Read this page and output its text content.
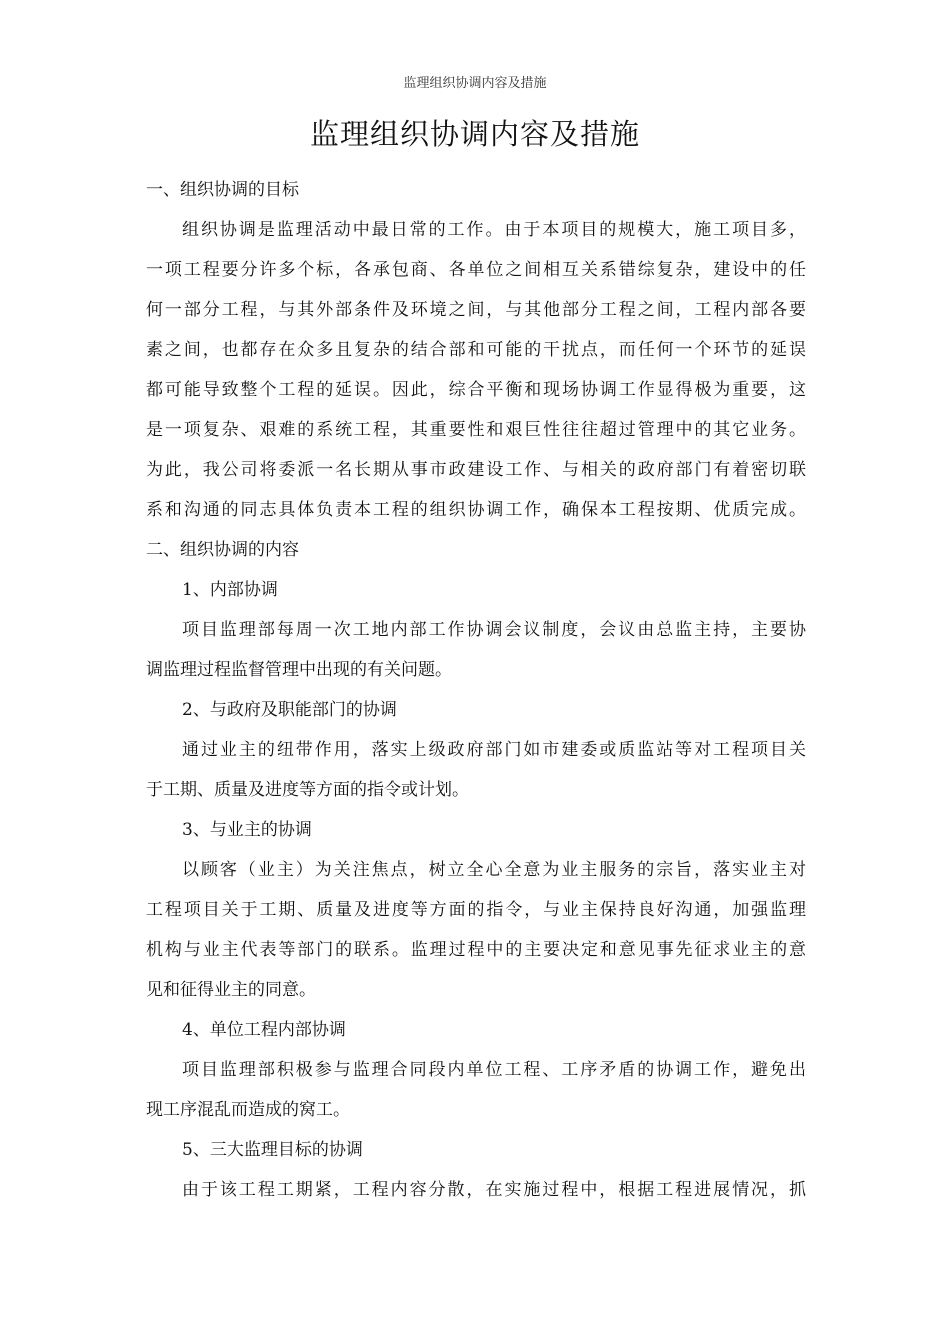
监理组织协调内容及措施
监理组织协调内容及措施
一、组织协调的目标
组织协调是监理活动中最日常的工作。由于本项目的规模大，施工项目多，
一项工程要分许多个标，各承包商、各单位之间相互关系错综复杂，建设中的任
何一部分工程，与其外部条件及环境之间，与其他部分工程之间，工程内部各要
素之间，也都存在众多且复杂的结合部和可能的干扰点，而任何一个环节的延误
都可能导致整个工程的延误。因此，综合平衡和现场协调工作显得极为重要，这
是一项复杂、艰难的系统工程，其重要性和艰巨性往往超过管理中的其它业务。
为此，我公司将委派一名长期从事市政建设工作、与相关的政府部门有着密切联
系和沟通的同志具体负责本工程的组织协调工作，确保本工程按期、优质完成。
二、组织协调的内容
1、内部协调
项目监理部每周一次工地内部工作协调会议制度，会议由总监主持，主要协
调监理过程监督管理中出现的有关问题。
2、与政府及职能部门的协调
通过业主的纽带作用，落实上级政府部门如市建委或质监站等对工程项目关
于工期、质量及进度等方面的指令或计划。
3、与业主的协调
以顾客（业主）为关注焦点，树立全心全意为业主服务的宗旨，落实业主对
工程项目关于工期、质量及进度等方面的指令，与业主保持良好沟通，加强监理
机构与业主代表等部门的联系。监理过程中的主要决定和意见事先征求业主的意
见和征得业主的同意。
4、单位工程内部协调
项目监理部积极参与监理合同段内单位工程、工序矛盾的协调工作，避免出
现工序混乱而造成的窝工。
5、三大监理目标的协调
由于该工程工期紧，工程内容分散，在实施过程中，根据工程进展情况，抓
